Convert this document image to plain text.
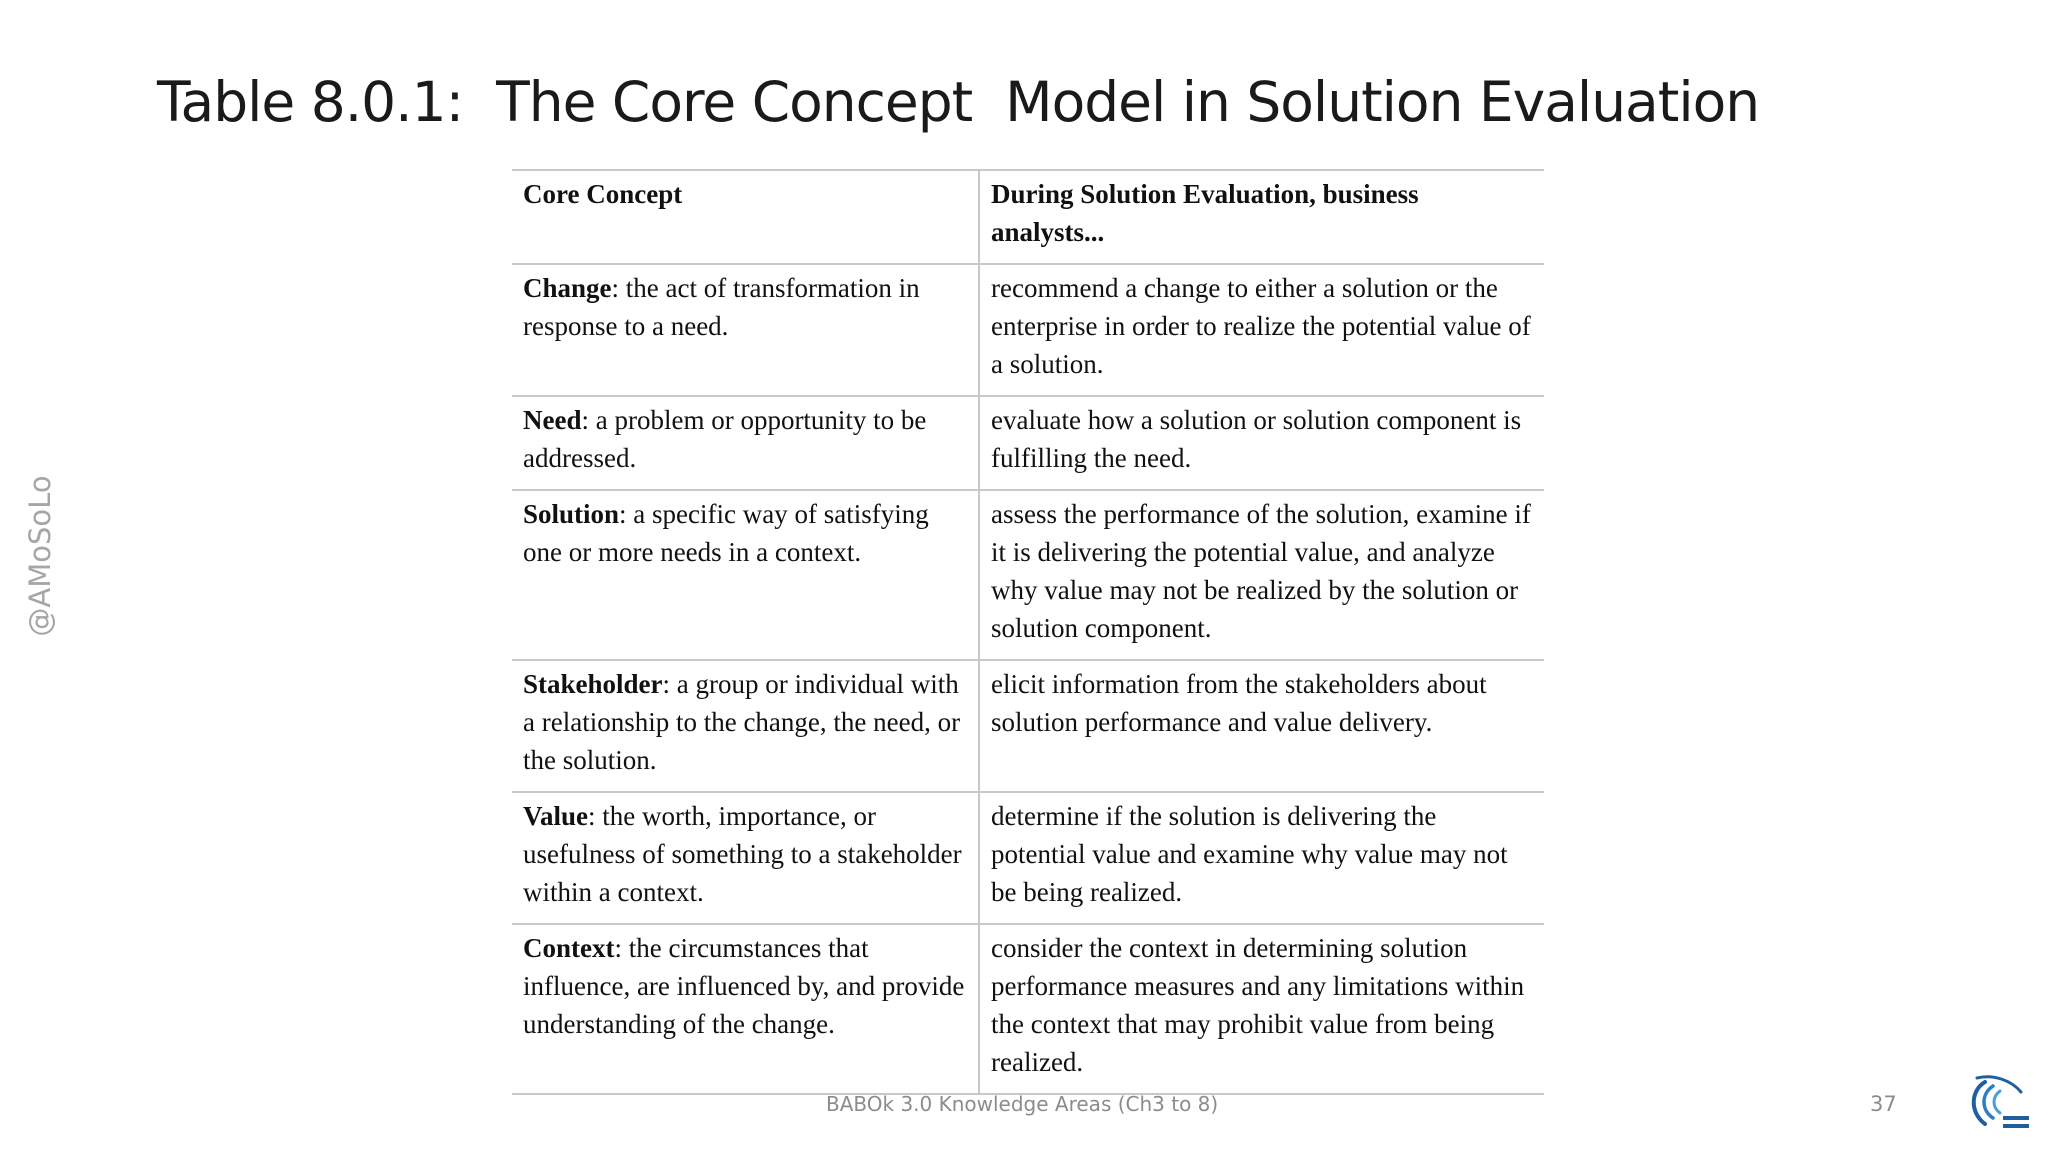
Table 8.0.1:  The Core Concept  Model in Solution Evaluation
@AMoSoLo
Core Concept	During Solution Evaluation, business analysts...
Change: the act of transformation in response to a need.	recommend a change to either a solution or the enterprise in order to realize the potential value of a solution.
Need: a problem or opportunity to be addressed.	evaluate how a solution or solution component is fulfilling the need.
Solution: a specific way of satisfying one or more needs in a context.	assess the performance of the solution, examine if it is delivering the potential value, and analyze why value may not be realized by the solution or solution component.
Stakeholder: a group or individual with a relationship to the change, the need, or the solution.	elicit information from the stakeholders about solution performance and value delivery.
Value: the worth, importance, or usefulness of something to a stakeholder within a context.	determine if the solution is delivering the potential value and examine why value may not be being realized.
Context: the circumstances that influence, are influenced by, and provide understanding of the change.	consider the context in determining solution performance measures and any limitations within the context that may prohibit value from being realized.
BABOk 3.0 Knowledge Areas (Ch3 to 8)	37
